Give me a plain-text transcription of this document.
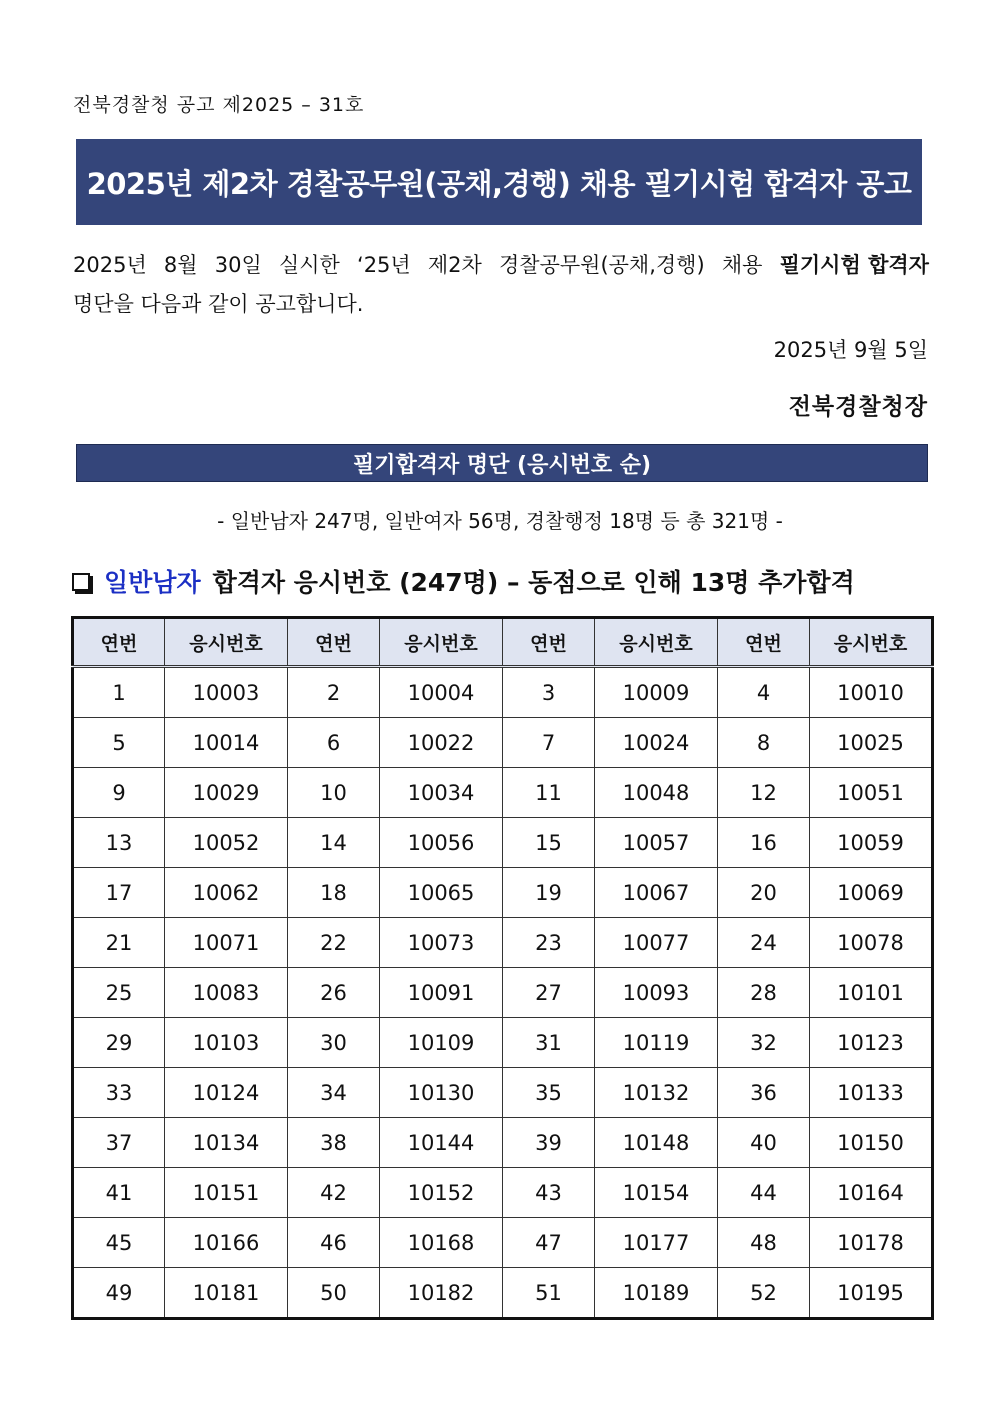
전북경찰청 공고 제2025 – 31호
2025년 제2차 경찰공무원(공채,경행) 채용 필기시험 합격자 공고
2025년 8월 30일 실시한 ‘25년 제2차 경찰공무원(공채,경행) 채용 필기시험 합격자
명단을 다음과 같이 공고합니다.
2025년 9월 5일
전북경찰청장
필기합격자 명단 (응시번호 순)
- 일반남자 247명, 일반여자 56명, 경찰행정 18명 등 총 321명 -
일반남자 합격자 응시번호 (247명) – 동점으로 인해 13명 추가합격
연번	응시번호	연번	응시번호	연번	응시번호	연번	응시번호
1	10003	2	10004	3	10009	4	10010
5	10014	6	10022	7	10024	8	10025
9	10029	10	10034	11	10048	12	10051
13	10052	14	10056	15	10057	16	10059
17	10062	18	10065	19	10067	20	10069
21	10071	22	10073	23	10077	24	10078
25	10083	26	10091	27	10093	28	10101
29	10103	30	10109	31	10119	32	10123
33	10124	34	10130	35	10132	36	10133
37	10134	38	10144	39	10148	40	10150
41	10151	42	10152	43	10154	44	10164
45	10166	46	10168	47	10177	48	10178
49	10181	50	10182	51	10189	52	10195
